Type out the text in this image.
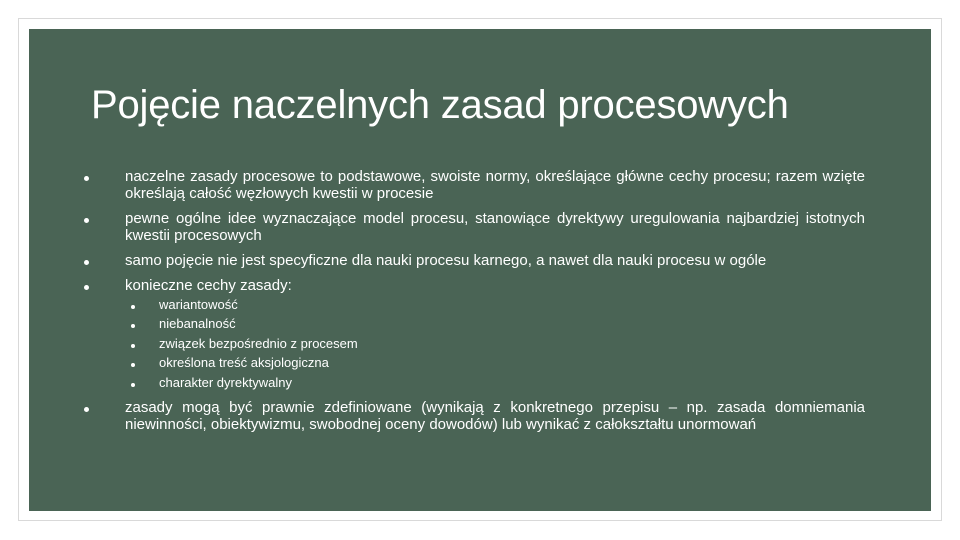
Pojęcie naczelnych zasad procesowych
naczelne zasady procesowe to podstawowe, swoiste normy, określające główne cechy procesu; razem wzięte określają całość węzłowych kwestii w procesie
pewne ogólne idee wyznaczające model procesu, stanowiące dyrektywy uregulowania najbardziej istotnych kwestii procesowych
samo pojęcie nie jest specyficzne dla nauki procesu karnego, a nawet dla nauki procesu w ogóle
konieczne cechy zasady:
wariantowość
niebanalność
związek bezpośrednio z procesem
określona treść aksjologiczna
charakter dyrektywalny
zasady mogą być prawnie zdefiniowane (wynikają z konkretnego przepisu – np. zasada domniemania niewinności, obiektywizmu, swobodnej oceny dowodów) lub wynikać z całokształtu unormowań
